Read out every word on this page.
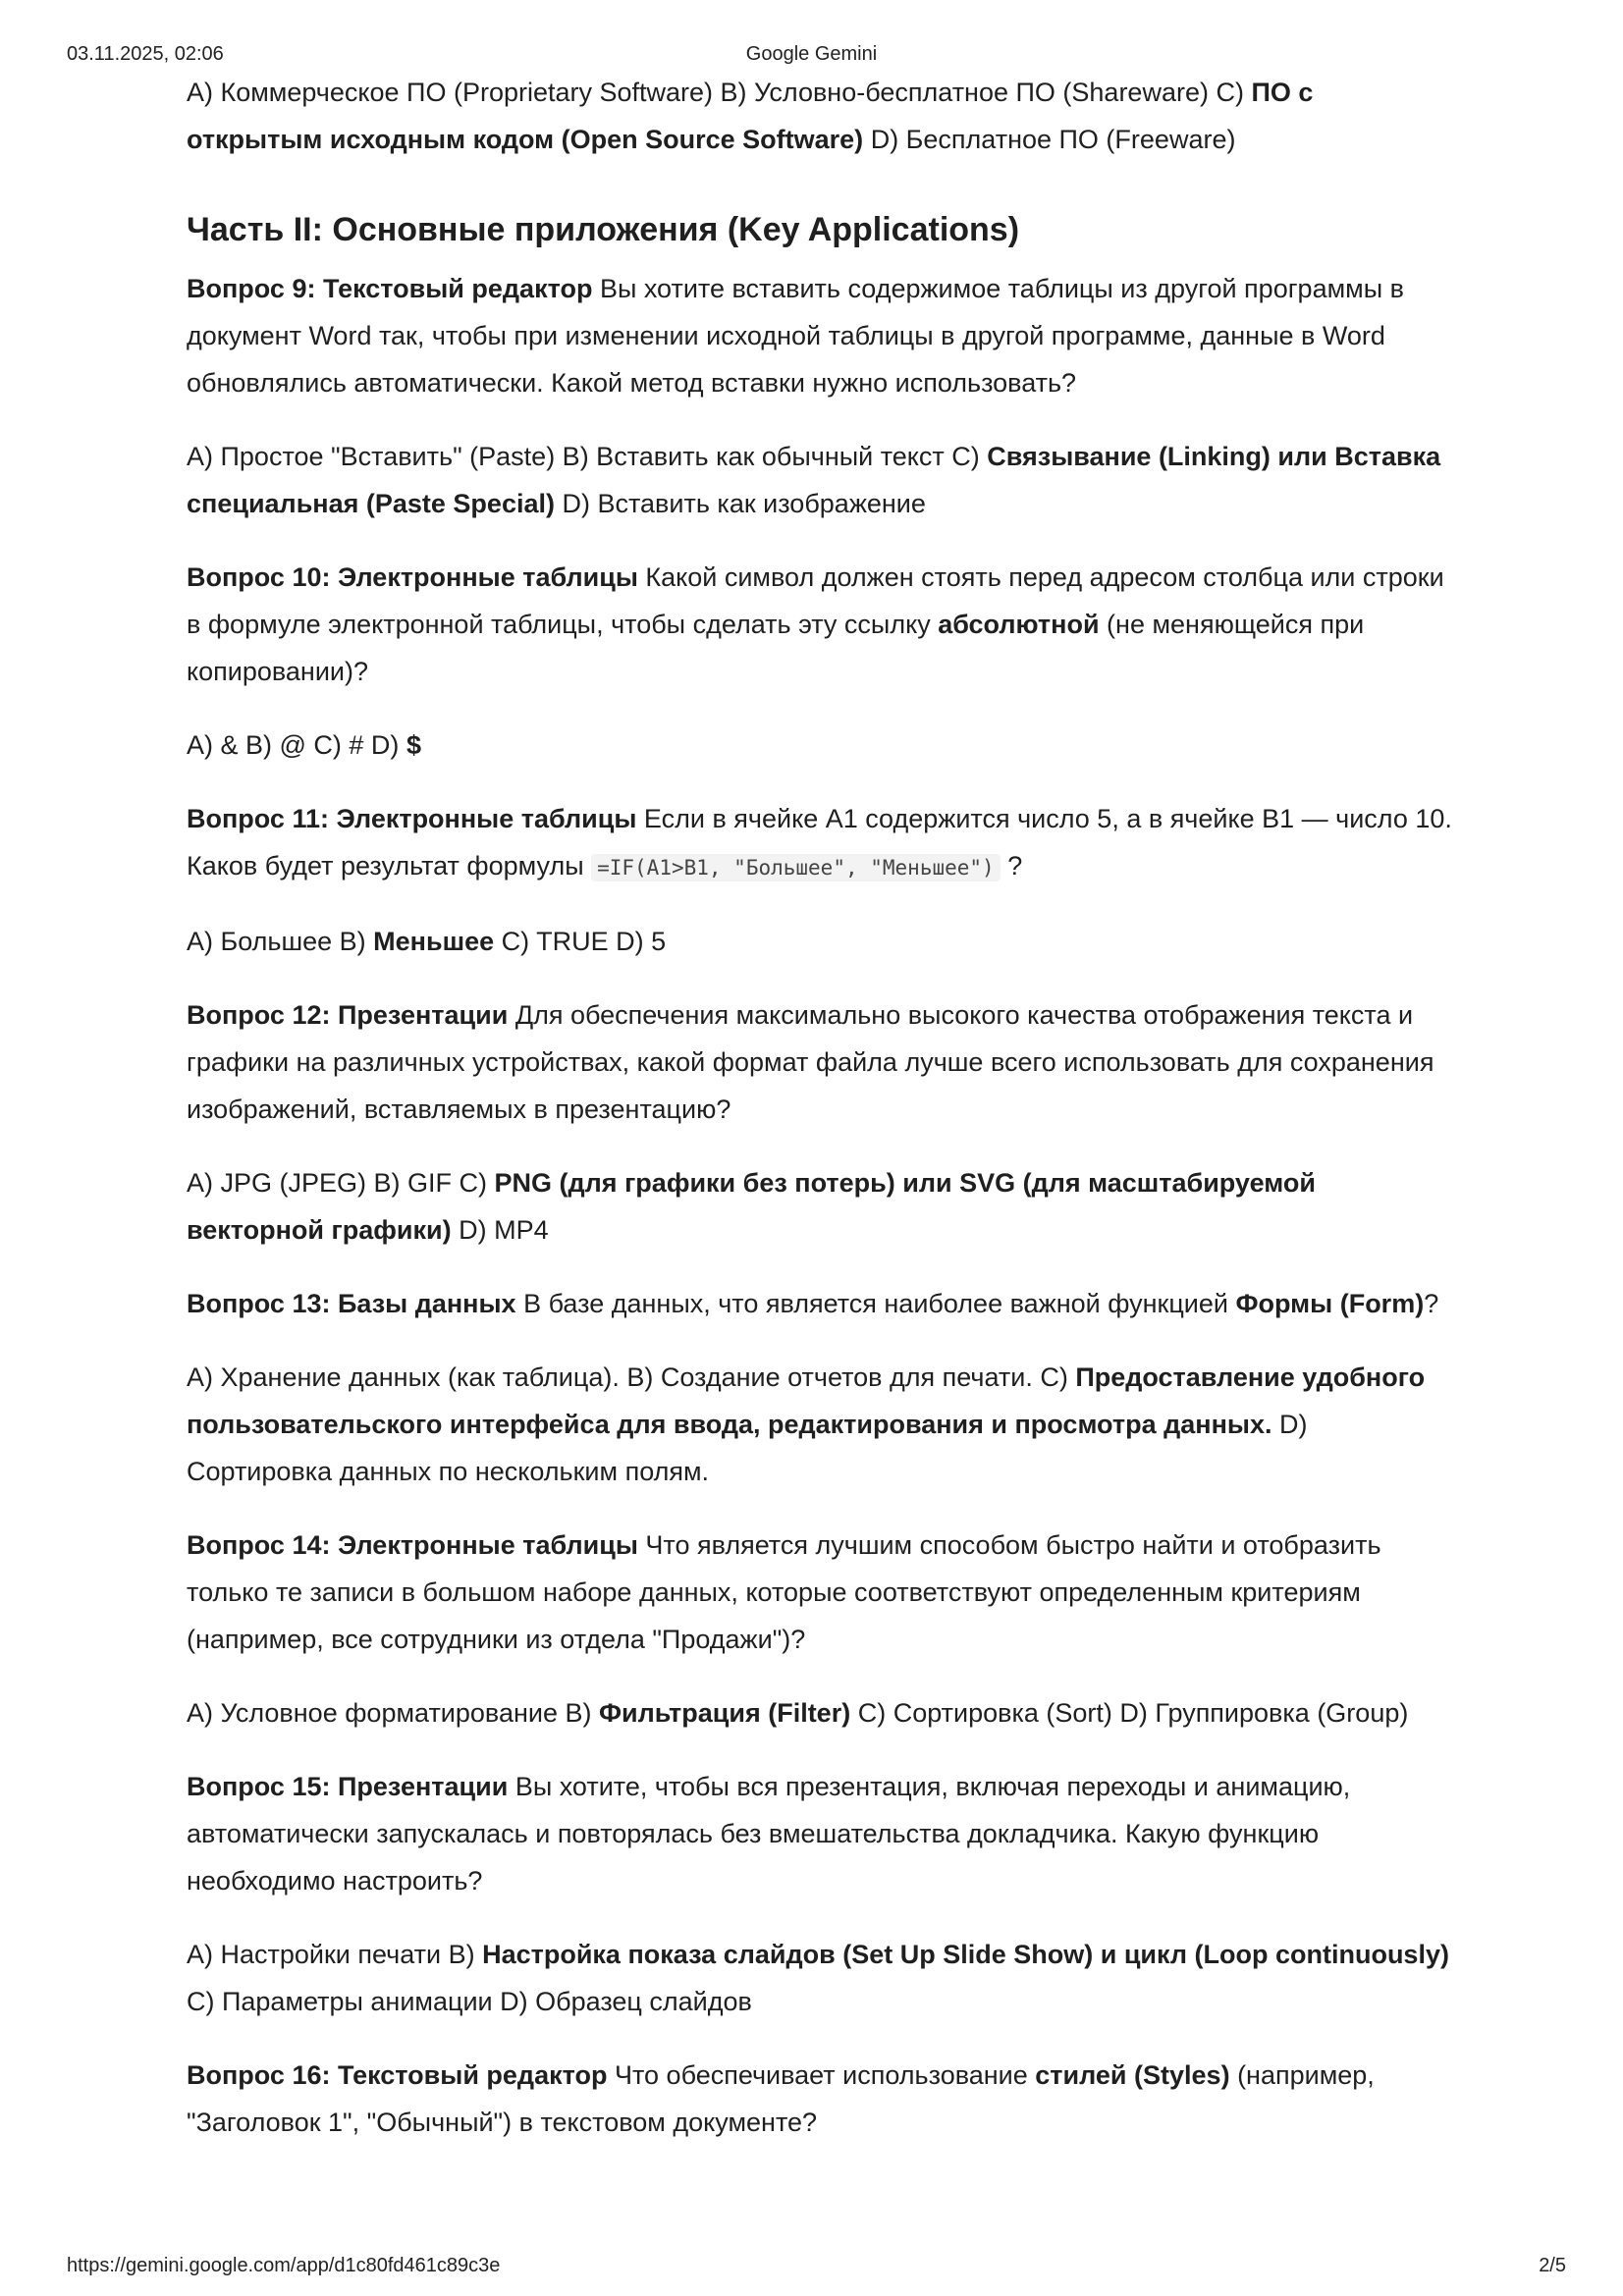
03.11.2025, 02:06	Google Gemini

A) Коммерческое ПО (Proprietary Software) B) Условно-бесплатное ПО (Shareware) C) ПО с открытым исходным кодом (Open Source Software) D) Бесплатное ПО (Freeware)

Часть II: Основные приложения (Key Applications)

Вопрос 9: Текстовый редактор Вы хотите вставить содержимое таблицы из другой программы в документ Word так, чтобы при изменении исходной таблицы в другой программе, данные в Word обновлялись автоматически. Какой метод вставки нужно использовать?

A) Простое "Вставить" (Paste) B) Вставить как обычный текст C) Связывание (Linking) или Вставка специальная (Paste Special) D) Вставить как изображение

Вопрос 10: Электронные таблицы Какой символ должен стоять перед адресом столбца или строки в формуле электронной таблицы, чтобы сделать эту ссылку абсолютной (не меняющейся при копировании)?

A) & B) @ C) # D) $

Вопрос 11: Электронные таблицы Если в ячейке A1 содержится число 5, а в ячейке B1 — число 10. Каков будет результат формулы =IF(A1>B1, "Большее", "Меньшее") ?

A) Большее B) Меньшее C) TRUE D) 5

Вопрос 12: Презентации Для обеспечения максимально высокого качества отображения текста и графики на различных устройствах, какой формат файла лучше всего использовать для сохранения изображений, вставляемых в презентацию?

A) JPG (JPEG) B) GIF C) PNG (для графики без потерь) или SVG (для масштабируемой векторной графики) D) MP4

Вопрос 13: Базы данных В базе данных, что является наиболее важной функцией Формы (Form)?

A) Хранение данных (как таблица). B) Создание отчетов для печати. C) Предоставление удобного пользовательского интерфейса для ввода, редактирования и просмотра данных. D) Сортировка данных по нескольким полям.

Вопрос 14: Электронные таблицы Что является лучшим способом быстро найти и отобразить только те записи в большом наборе данных, которые соответствуют определенным критериям (например, все сотрудники из отдела "Продажи")?

A) Условное форматирование B) Фильтрация (Filter) C) Сортировка (Sort) D) Группировка (Group)

Вопрос 15: Презентации Вы хотите, чтобы вся презентация, включая переходы и анимацию, автоматически запускалась и повторялась без вмешательства докладчика. Какую функцию необходимо настроить?

A) Настройки печати B) Настройка показа слайдов (Set Up Slide Show) и цикл (Loop continuously) C) Параметры анимации D) Образец слайдов

Вопрос 16: Текстовый редактор Что обеспечивает использование стилей (Styles) (например, "Заголовок 1", "Обычный") в текстовом документе?

https://gemini.google.com/app/d1c80fd461c89c3e	2/5
